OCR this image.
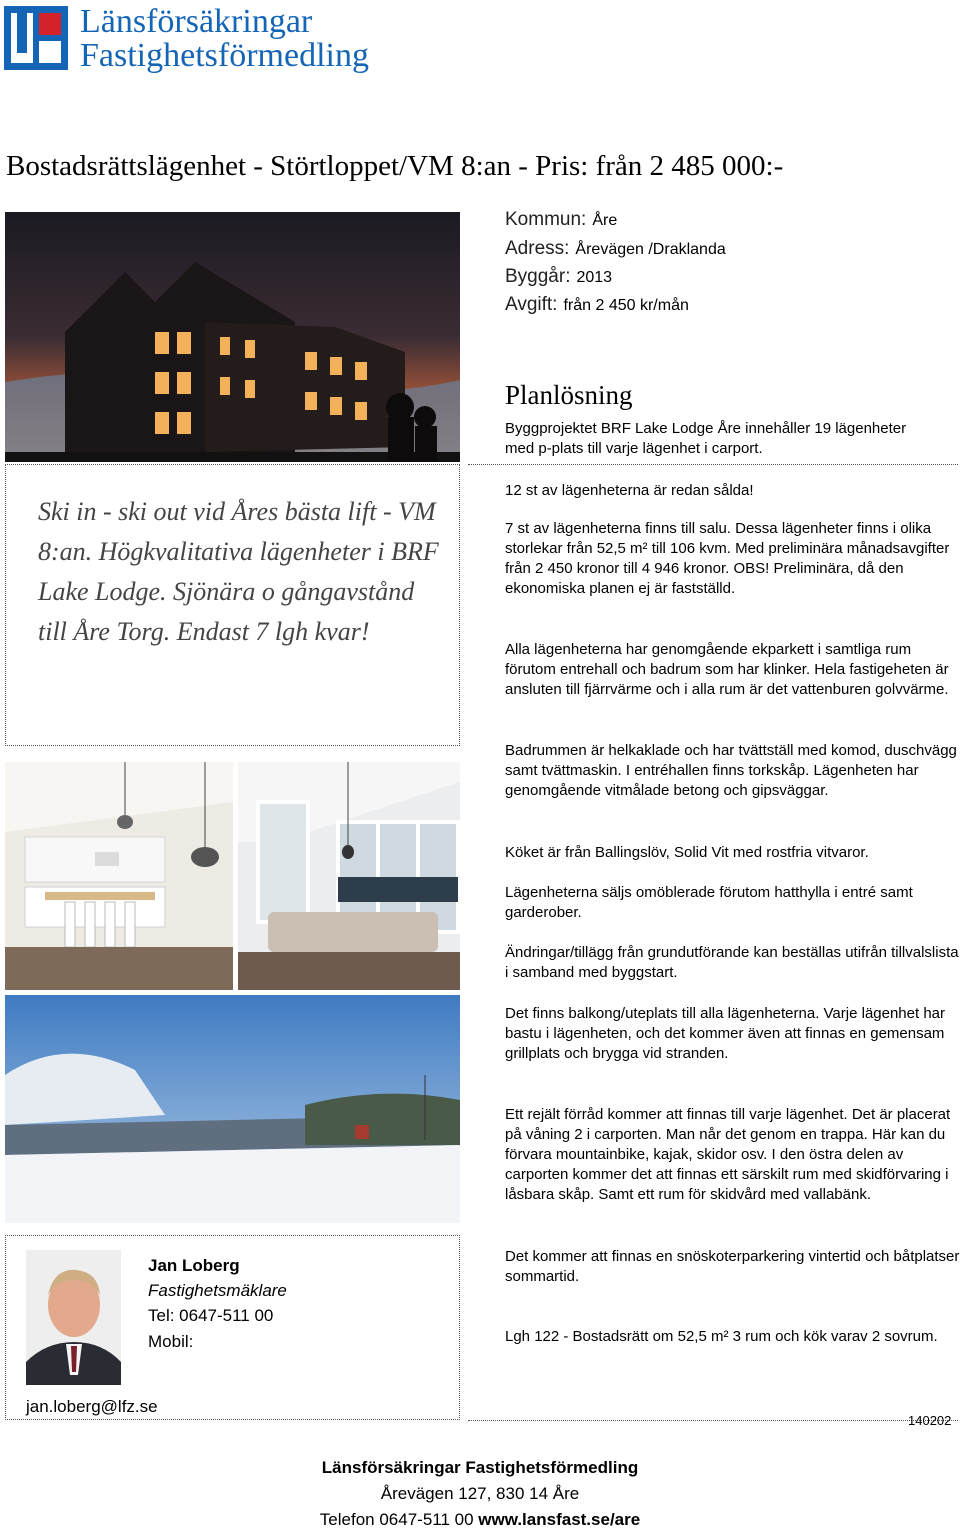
Länsförsäkringar
Fastighetsförmedling
Bostadsrättslägenhet - Störtloppet/VM 8:an - Pris: från 2 485 000:-
Kommun: Åre
Adress: Årevägen /Draklanda
Byggår: 2013
Avgift: från 2 450 kr/mån
Planlösning
Byggprojektet BRF Lake Lodge Åre innehåller 19 lägenheter med p-plats till varje lägenhet i carport.
Ski in - ski out vid Åres bästa lift - VM 8:an. Högkvalitativa lägenheter i BRF Lake Lodge. Sjönära o gångavstånd till Åre Torg. Endast 7 lgh kvar!
12 st av lägenheterna är redan sålda!
7 st av lägenheterna finns till salu. Dessa lägenheter finns i olika storlekar från 52,5 m² till 106 kvm. Med preliminära månadsavgifter från 2 450 kronor till 4 946 kronor. OBS! Preliminära, då den ekonomiska planen ej är fastställd.
Alla lägenheterna har genomgående ekparkett i samtliga rum förutom entrehall och badrum som har klinker. Hela fastigeheten är ansluten till fjärrvärme och i alla rum är det vattenburen golvvärme.
Badrummen är helkaklade och har tvättställ med komod, duschvägg samt tvättmaskin. I entréhallen finns torkskåp. Lägenheten har genomgående vitmålade betong och gipsväggar.
Köket är från Ballingslöv, Solid Vit med rostfria vitvaror.
Lägenheterna säljs omöblerade förutom hatthylla i entré samt garderober.
Ändringar/tillägg från grundutförande kan beställas utifrån tillvalslista i samband med byggstart.
Det finns balkong/uteplats till alla lägenheterna. Varje lägenhet har bastu i lägenheten, och det kommer även att finnas en gemensam grillplats och brygga vid stranden.
Ett rejält förråd kommer att finnas till varje lägenhet. Det är placerat på våning 2 i carporten. Man når det genom en trappa. Här kan du förvara mountainbike, kajak, skidor osv. I den östra delen av carporten kommer det att finnas ett särskilt rum med skidförvaring i låsbara skåp. Samt ett rum för skidvård med vallabänk.
Det kommer att finnas en snöskoterparkering vintertid och båtplatser sommartid.
Lgh 122 - Bostadsrätt om 52,5 m² 3 rum och kök varav 2 sovrum.
Jan Loberg
Fastighetsmäklare
Tel: 0647-511 00
Mobil:
jan.loberg@lfz.se
140202
Länsförsäkringar Fastighetsförmedling
Årevägen 127, 830 14 Åre
Telefon 0647-511 00 www.lansfast.se/are
